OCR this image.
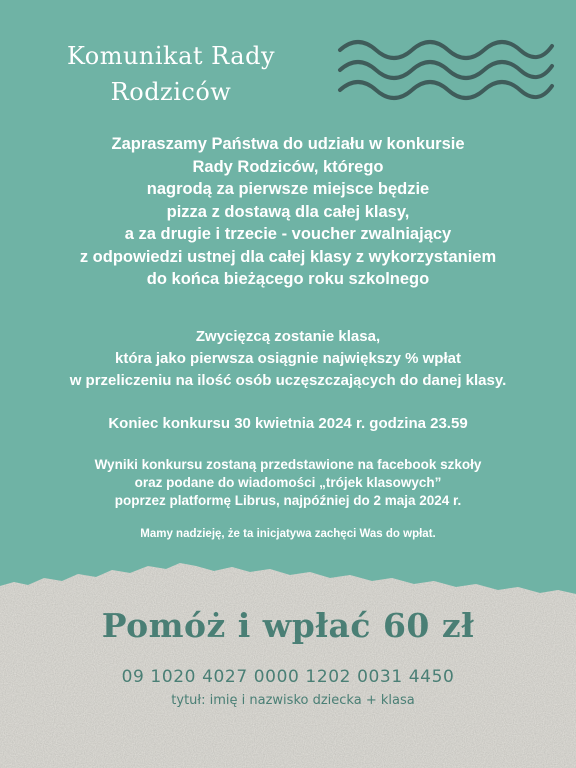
Komunikat Rady
Rodziców
Zapraszamy Państwa do udziału w konkursie
Rady Rodziców, którego
nagrodą za pierwsze miejsce będzie
pizza z dostawą dla całej klasy,
a za drugie i trzecie - voucher zwalniający
z odpowiedzi ustnej dla całej klasy z wykorzystaniem
do końca bieżącego roku szkolnego
Zwycięzcą zostanie klasa,
która jako pierwsza osiągnie największy % wpłat
w przeliczeniu na ilość osób uczęszczających do danej klasy.
Koniec konkursu 30 kwietnia 2024 r. godzina 23.59
Wyniki konkursu zostaną przedstawione na facebook szkoły
oraz podane do wiadomości „trójek klasowych”
poprzez platformę Librus, najpóźniej do 2 maja 2024 r.
Mamy nadzieję, że ta inicjatywa zachęci Was do wpłat.
Pomóż i wpłać 60 zł
09 1020 4027 0000 1202 0031 4450
tytuł: imię i nazwisko dziecka + klasa
